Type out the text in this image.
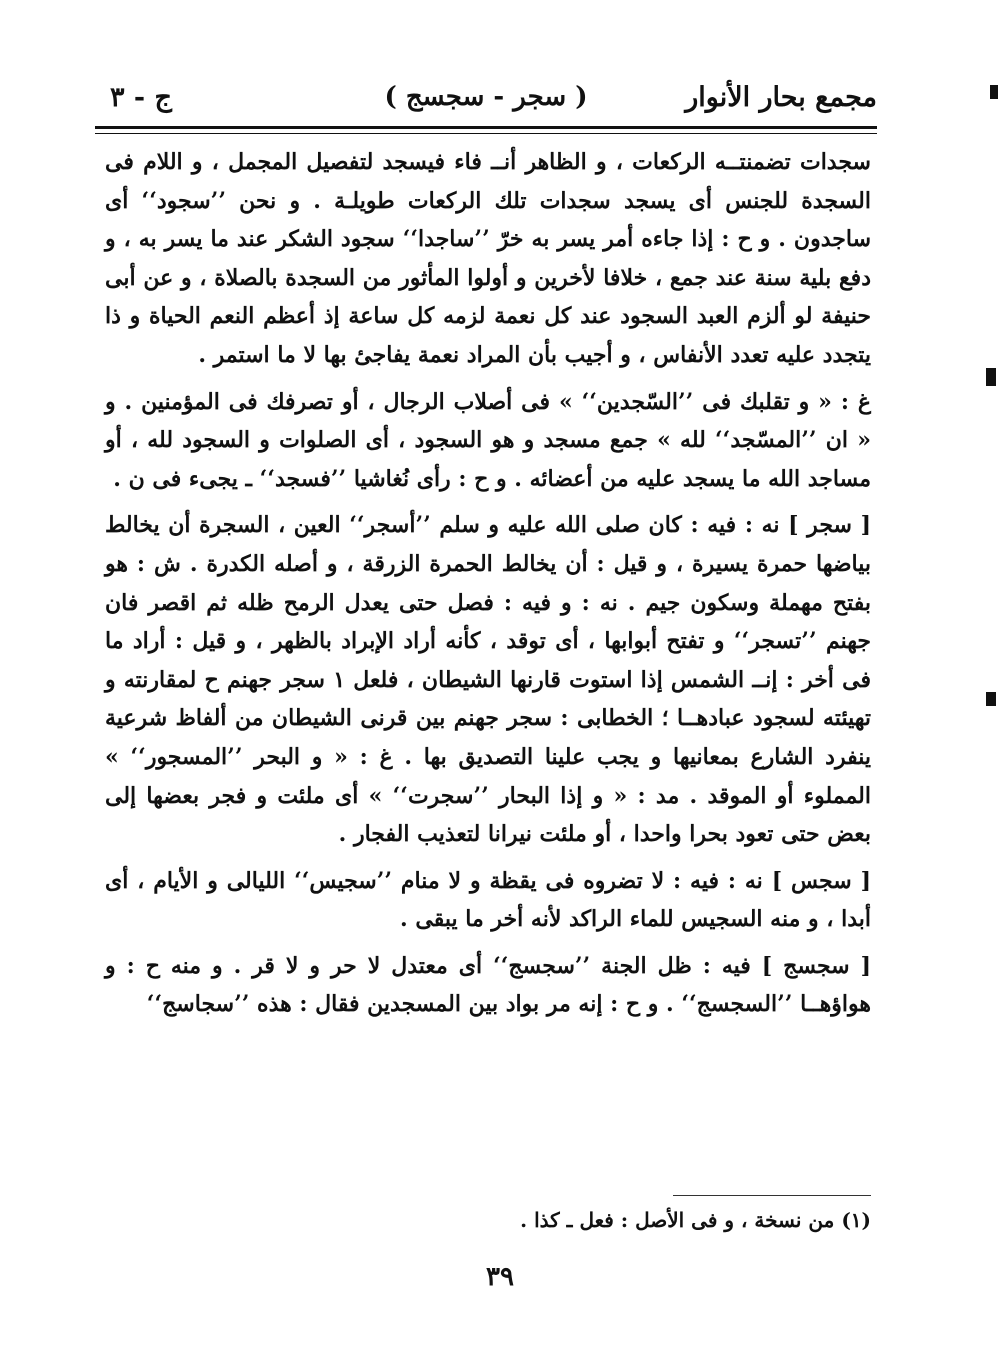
مجمع بحار الأنوار
( سجر - سجسج )
ج - ٣

سجدات تضمنتــه الركعات ، و الظاهر أنــ فاء فيسجد لتفصيل المجمل ، و اللام فى السجدة للجنس أى يسجد سجدات تلك الركعات طويلـة . و نحن ’’سجود‘‘ أى ساجدون . و ح : إذا جاءه أمر يسر به خرّ ’’ساجدا‘‘ سجود الشكر عند ما يسر به ، و دفع بلية سنة عند جمع ، خلافا لأخرين و أولوا المأثور من السجدة بالصلاة ، و عن أبى حنيفة لو ألزم العبد السجود عند كل نعمة لزمه كل ساعة إذ أعظم النعم الحياة و ذا يتجدد عليه تعدد الأنفاس ، و أجيب بأن المراد نعمة يفاجىٔ بها لا ما استمر .

غ : « و تقلبك فى ’’السّجدين‘‘ » فى أصلاب الرجال ، أو تصرفك فى المؤمنين . و « ان ’’المسّجد‘‘ لله » جمع مسجد و هو السجود ، أى الصلوات و السجود لله ، أو مساجد الله ما يسجد عليه من أعضائه . و ح : رأى نُغاشيا ’’فسجد‘‘ ـ يجىء فى ن .

[ سجر ] نه : فيه : كان صلى الله عليه و سلم ’’أسجر‘‘ العين ، السجرة أن يخالط بياضها حمرة يسيرة ، و قيل : أن يخالط الحمرة الزرقة ، و أصله الكدرة . ش : هو بفتح مهملة وسكون جيم . نه : و فيه : فصل حتى يعدل الرمح ظله ثم اقصر فان جهنم ’’تسجر‘‘ و تفتح أبوابها ، أى توقد ، كأنه أراد الإبراد بالظهر ، و قيل : أراد ما فى أخر : إنــ الشمس إذا استوت قارنها الشيطان ، فلعل ١ سجر جهنم ح لمقارنته و تهيئته لسجود عبادهــا ؛ الخطابى : سجر جهنم بين قرنى الشيطان من ألفاظ شرعية ينفرد الشارع بمعانيها و يجب علينا التصديق بها . غ : « و البحر ’’المسجور‘‘ » المملوء أو الموقد . مد : « و إذا البحار ’’سجرت‘‘ » أى ملئت و فجر بعضها إلى بعض حتى تعود بحرا واحدا ، أو ملئت نيرانا لتعذيب الفجار .

[ سجس ] نه : فيه : لا تضروه فى يقظة و لا منام ’’سجيس‘‘ الليالى و الأيام ، أى أبدا ، و منه السجيس للماء الراكد لأنه أخر ما يبقى .

[ سجسج ] فيه : ظل الجنة ’’سجسج‘‘ أى معتدل لا حر و لا قر . و منه ح : و هواؤهــا ’’السجسج‘‘ . و ح : إنه مر بواد بين المسجدين فقال : هذه ’’سجاسج‘‘

(١) من نسخة ، و فى الأصل : فعل ـ كذا .
٣٩
